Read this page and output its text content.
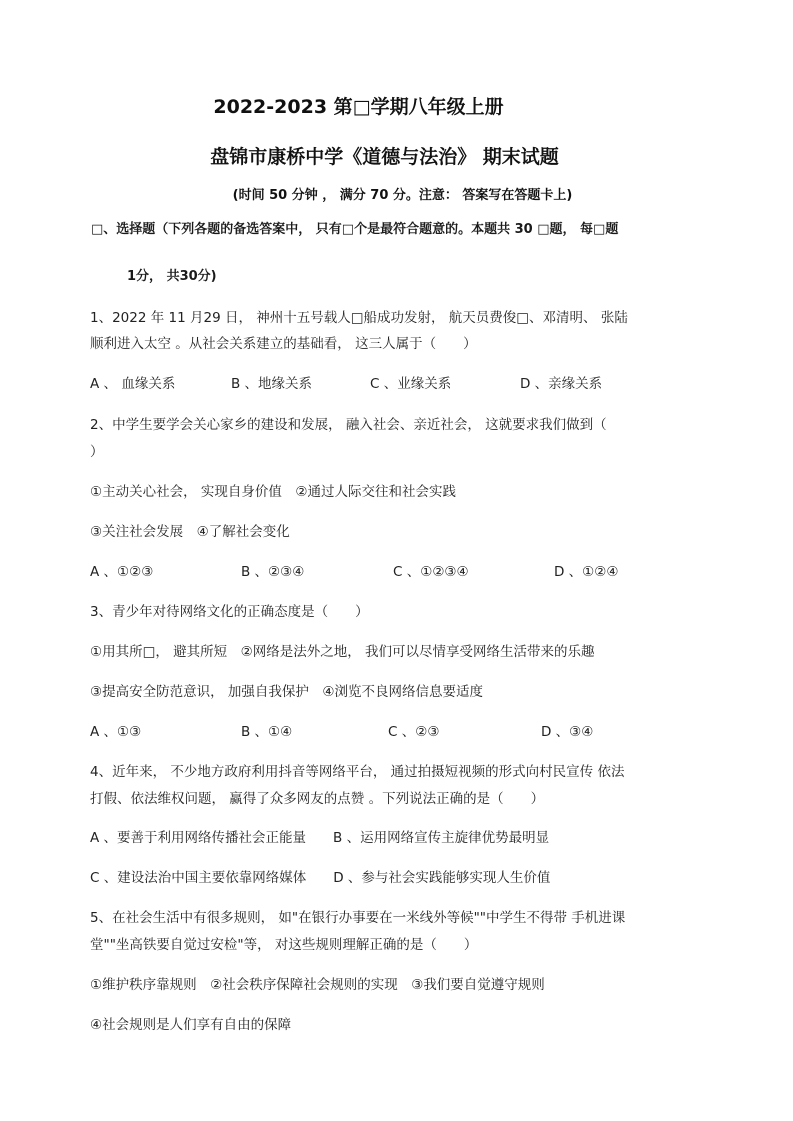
2022-2023 第□学期八年级上册
盘锦市康桥中学《道德与法治》 期末试题
(时间 50 分钟 ， 满分 70 分。注意： 答案写在答题卡上)
□、选择题（下列各题的备选答案中， 只有□个是最符合题意的。本题共 30 □题， 每□题
1分， 共30分)
1、2022 年 11 月29 日， 神州十五号载人□船成功发射， 航天员费俊□、邓清明、 张陆
顺利进入太空 。从社会关系建立的基础看， 这三人属于（　　）
A 、 血缘关系	B 、地缘关系	C 、业缘关系	D 、亲缘关系
2、中学生要学会关心家乡的建设和发展， 融入社会、亲近社会， 这就要求我们做到（
）
①主动关心社会， 实现自身价值　②通过人际交往和社会实践
③关注社会发展　④了解社会变化
A 、①②③	B 、②③④	C 、①②③④	D 、①②④
3、青少年对待网络文化的正确态度是（　　）
①用其所□， 避其所短　②网络是法外之地， 我们可以尽情享受网络生活带来的乐趣
③提高安全防范意识， 加强自我保护　④浏览不良网络信息要适度
A 、①③	B 、①④	C 、②③	D 、③④
4、近年来， 不少地方政府利用抖音等网络平台， 通过拍摄短视频的形式向村民宣传 依法
打假、依法维权问题， 赢得了众多网友的点赞 。下列说法正确的是（　　）
A 、要善于利用网络传播社会正能量　　B 、运用网络宣传主旋律优势最明显
C 、建设法治中国主要依靠网络媒体　　D 、参与社会实践能够实现人生价值
5、在社会生活中有很多规则， 如"在银行办事要在一米线外等候""中学生不得带 手机进课
堂""坐高铁要自觉过安检"等， 对这些规则理解正确的是（　　）
①维护秩序靠规则　②社会秩序保障社会规则的实现　③我们要自觉遵守规则
④社会规则是人们享有自由的保障
